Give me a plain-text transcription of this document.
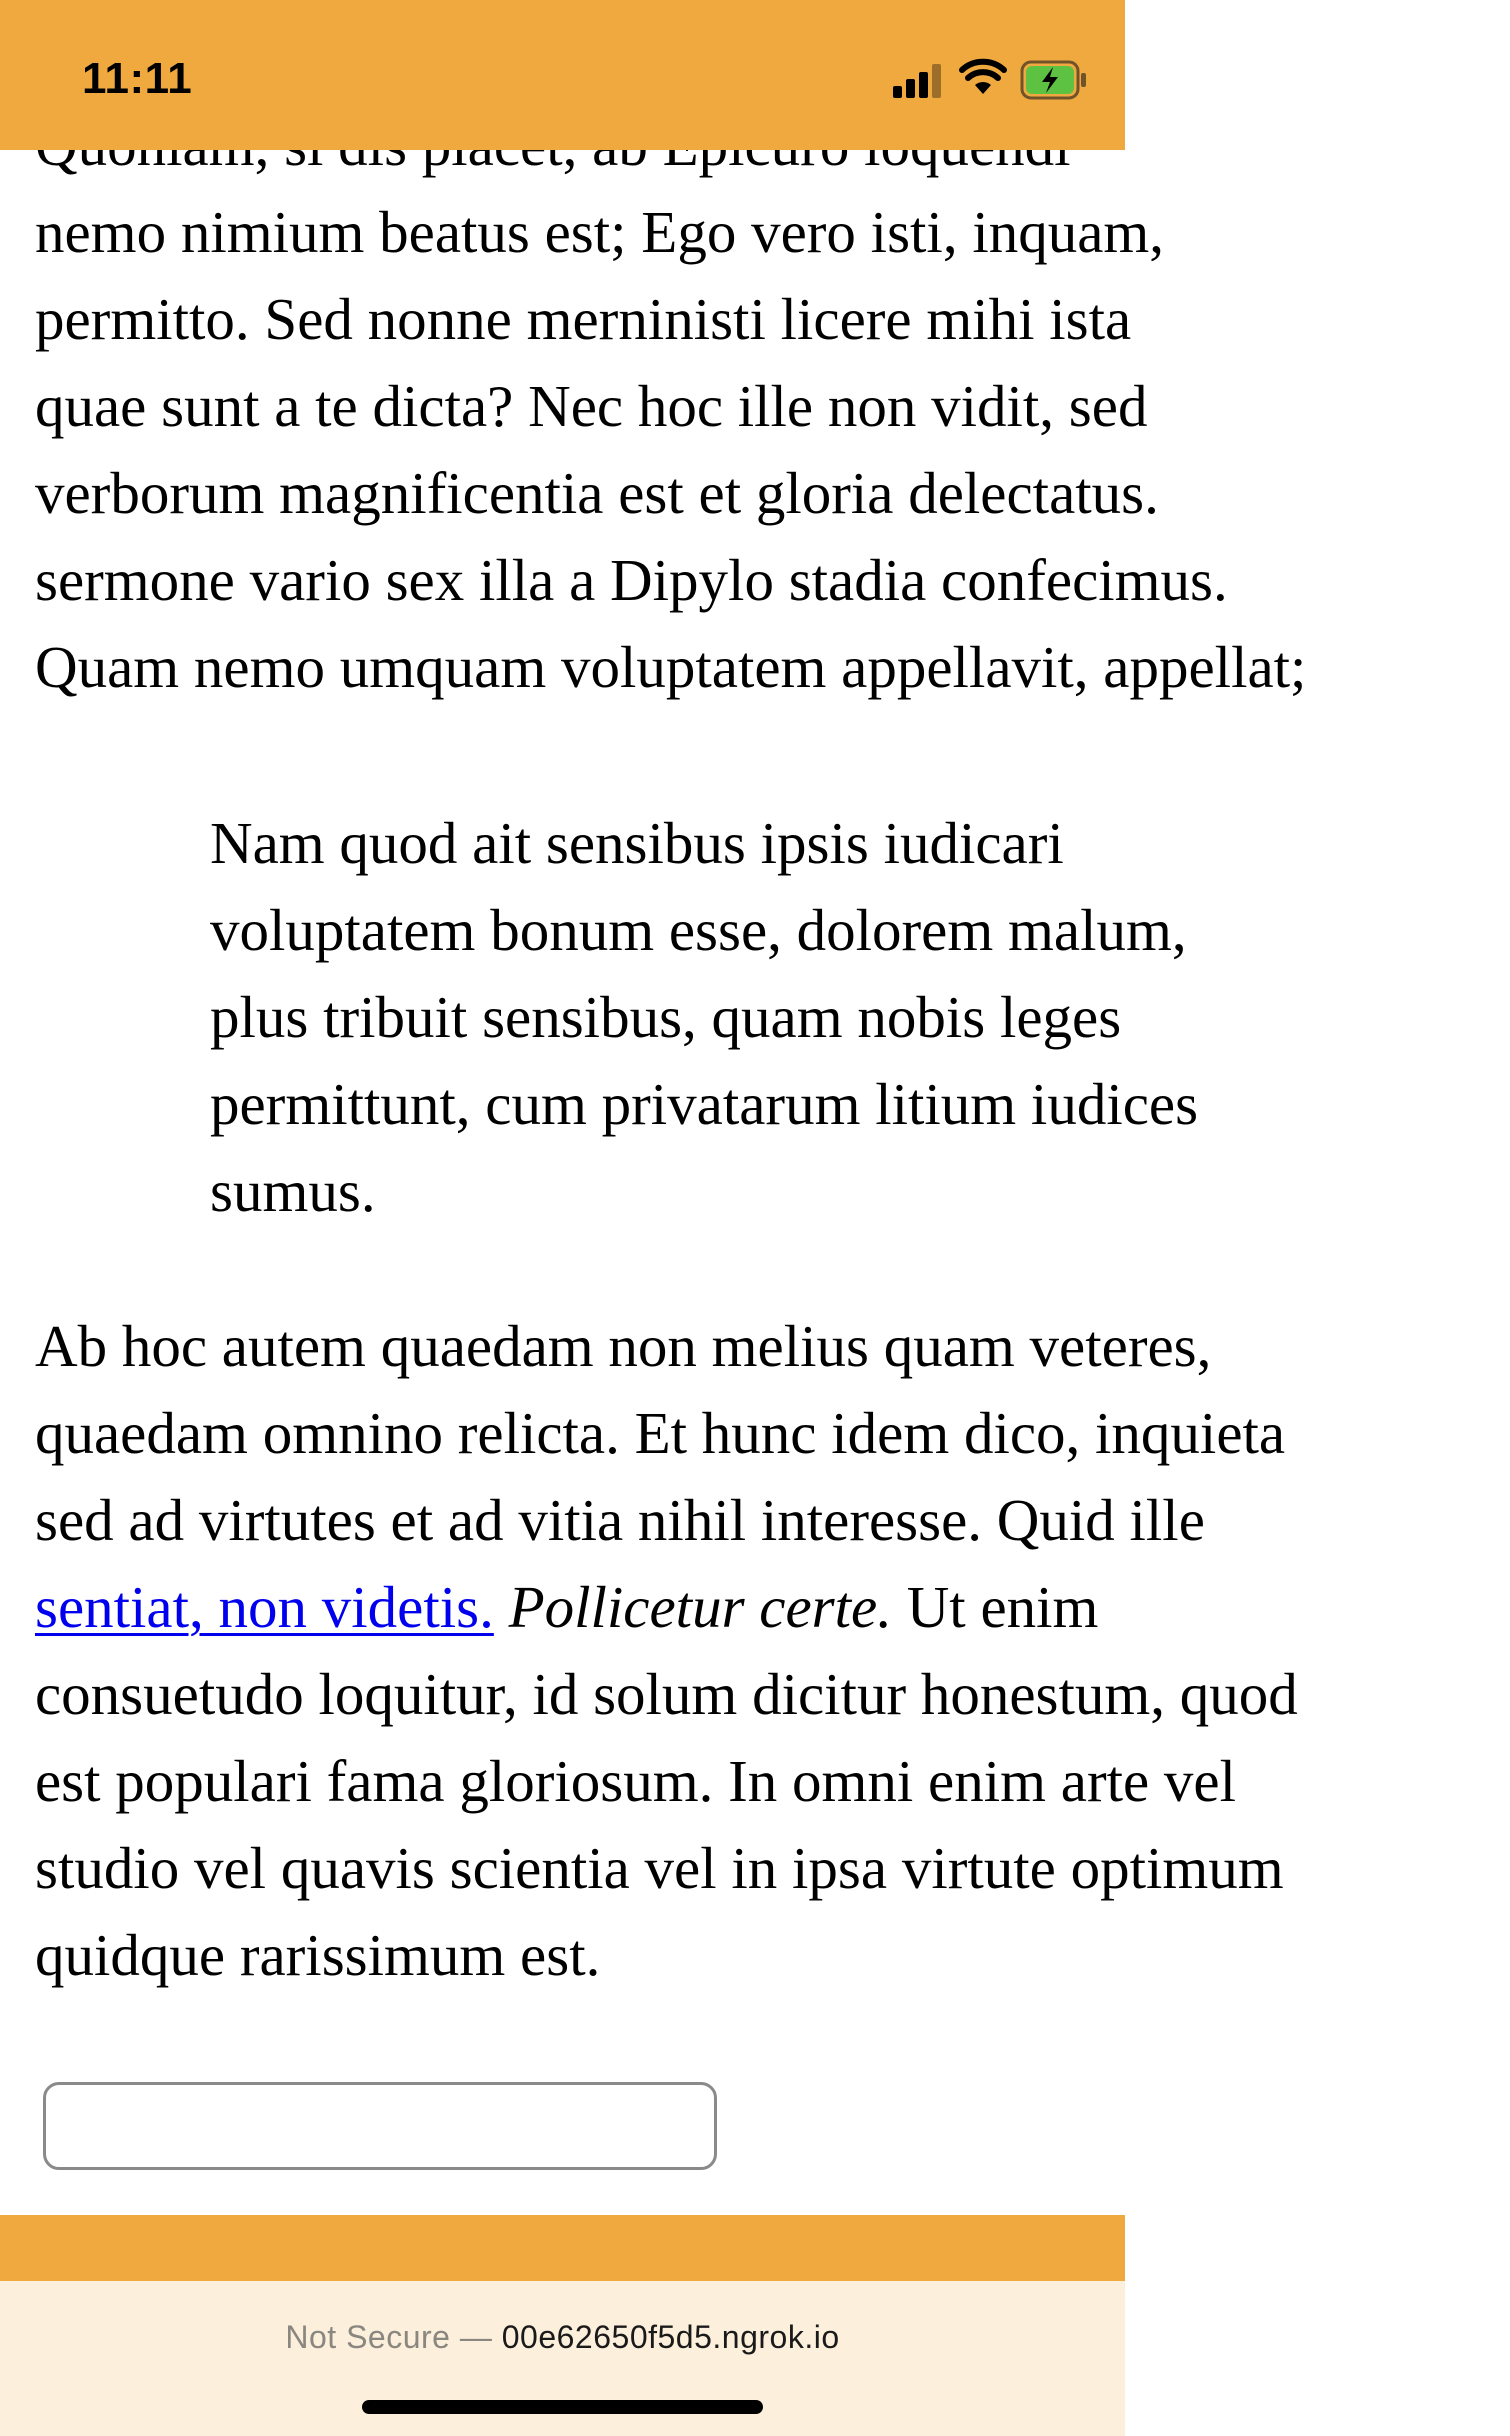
11:11
nemo nimium beatus est; Ego vero isti, inquam,
permitto. Sed nonne merninisti licere mihi ista
quae sunt a te dicta? Nec hoc ille non vidit, sed
verborum magnificentia est et gloria delectatus.
sermone vario sex illa a Dipylo stadia confecimus.
Quam nemo umquam voluptatem appellavit, appellat;
Nam quod ait sensibus ipsis iudicari
voluptatem bonum esse, dolorem malum,
plus tribuit sensibus, quam nobis leges
permittunt, cum privatarum litium iudices
sumus.
Ab hoc autem quaedam non melius quam veteres,
quaedam omnino relicta. Et hunc idem dico, inquieta
sed ad virtutes et ad vitia nihil interesse. Quid ille
sentiat, non videtis. Pollicetur certe. Ut enim
consuetudo loquitur, id solum dicitur honestum, quod
est populari fama gloriosum. In omni enim arte vel
studio vel quavis scientia vel in ipsa virtute optimum
quidque rarissimum est.
Not Secure — 00e62650f5d5.ngrok.io
